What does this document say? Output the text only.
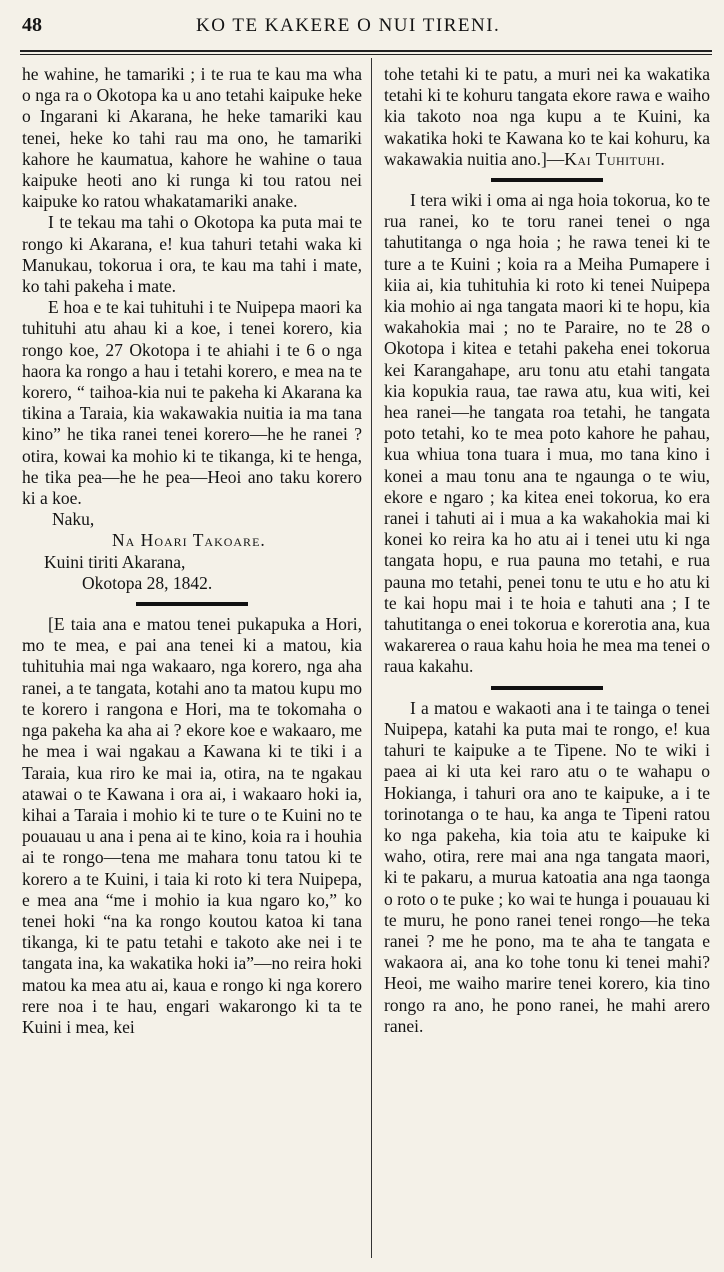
48	KO TE KAKERE O NUI TIRENI.

he wahine, he tamariki ; i te rua te kau ma wha o nga ra o Okotopa ka u ano tetahi kaipuke heke o Ingarani ki Akarana, he heke tamariki kau tenei, heke ko tahi rau ma ono, he tamariki kahore he kaumatua, kahore he wahine o taua kaipuke heoti ano ki runga ki tou ratou nei kaipuke ko ratou whakatamariki anake.

I te tekau ma tahi o Okotopa ka puta mai te rongo ki Akarana, e! kua tahuri tetahi waka ki Manukau, tokorua i ora, te kau ma tahi i mate, ko tahi pakeha i mate.

E hoa e te kai tuhituhi i te Nuipepa maori ka tuhituhi atu ahau ki a koe, i tenei korero, kia rongo koe, 27 Okotopa i te ahiahi i te 6 o nga haora ka rongo a hau i tetahi korero, e mea na te korero, “ taihoa-kia nui te pakeha ki Akarana ka tikina a Taraia, kia wakawakia nuitia ia ma tana kino” he tika ranei tenei korero—he he ranei ? otira, kowai ka mohio ki te tikanga, ki te henga, he tika pea—he he pea—Heoi ano taku korero ki a koe.

Naku,

Na Hoari Takoare.

Kuini tiriti Akarana,

Okotopa 28, 1842.

[E taia ana e matou tenei pukapuka a Hori, mo te mea, e pai ana tenei ki a matou, kia tuhituhia mai nga wakaaro, nga korero, nga aha ranei, a te tangata, kotahi ano ta matou kupu mo te korero i rangona e Hori, ma te tokomaha o nga pakeha ka aha ai ? ekore koe e wakaaro, me he mea i wai ngakau a Kawana ki te tiki i a Taraia, kua riro ke mai ia, otira, na te ngakau atawai o te Kawana i ora ai, i wakaaro hoki ia, kihai a Taraia i mohio ki te ture o te Kuini no te pouauau u ana i pena ai te kino, koia ra i houhia ai te rongo—tena me mahara tonu tatou ki te korero a te Kuini, i taia ki roto ki tera Nuipepa, e mea ana “me i mohio ia kua ngaro ko,” ko tenei hoki “na ka rongo koutou katoa ki tana tikanga, ki te patu tetahi e takoto ake nei i te tangata ina, ka wakatika hoki ia”—no reira hoki matou ka mea atu ai, kaua e rongo ki nga korero rere noa i te hau, engari wakarongo ki ta te Kuini i mea, kei

tohe tetahi ki te patu, a muri nei ka wakatika tetahi ki te kohuru tangata ekore rawa e waiho kia takoto noa nga kupu a te Kuini, ka wakatika hoki te Kawana ko te kai kohuru, ka wakawakia nuitia ano.]—Kai Tuhituhi.

I tera wiki i oma ai nga hoia tokorua, ko te rua ranei, ko te toru ranei tenei o nga tahutitanga o nga hoia ; he rawa tenei ki te ture a te Kuini ; koia ra a Meiha Pumapere i kiia ai, kia tuhituhia ki roto ki tenei Nuipepa kia mohio ai nga tangata maori ki te hopu, kia wakahokia mai ; no te Paraire, no te 28 o Okotopa i kitea e tetahi pakeha enei tokorua kei Karangahape, aru tonu atu etahi tangata kia kopukia raua, tae rawa atu, kua witi, kei hea ranei—he tangata roa tetahi, he tangata poto tetahi, ko te mea poto kahore he pahau, kua whiua tona tuara i mua, mo tana kino i konei a mau tonu ana te ngaunga o te wiu, ekore e ngaro ; ka kitea enei tokorua, ko era ranei i tahuti ai i mua a ka wakahokia mai ki konei ko reira ka ho atu ai i tenei utu ki nga tangata hopu, e rua pauna mo tetahi, e rua pauna mo tetahi, penei tonu te utu e ho atu ki te kai hopu mai i te hoia e tahuti ana ; I te tahutitanga o enei tokorua e korerotia ana, kua wakarerea o raua kahu hoia he mea ma tenei o raua kakahu.

I a matou e wakaoti ana i te tainga o tenei Nuipepa, katahi ka puta mai te rongo, e! kua tahuri te kaipuke a te Tipene. No te wiki i paea ai ki uta kei raro atu o te wahapu o Hokianga, i tahuri ora ano te kaipuke, a i te torinotanga o te hau, ka anga te Tipeni ratou ko nga pakeha, kia toia atu te kaipuke ki waho, otira, rere mai ana nga tangata maori, ki te pakaru, a murua katoatia ana nga taonga o roto o te puke ; ko wai te hunga i pouauau ki te muru, he pono ranei tenei rongo—he teka ranei ? me he pono, ma te aha te tangata e wakaora ai, ana ko tohe tonu ki tenei mahi? Heoi, me waiho marire tenei korero, kia tino rongo ra ano, he pono ranei, he mahi arero ranei.
